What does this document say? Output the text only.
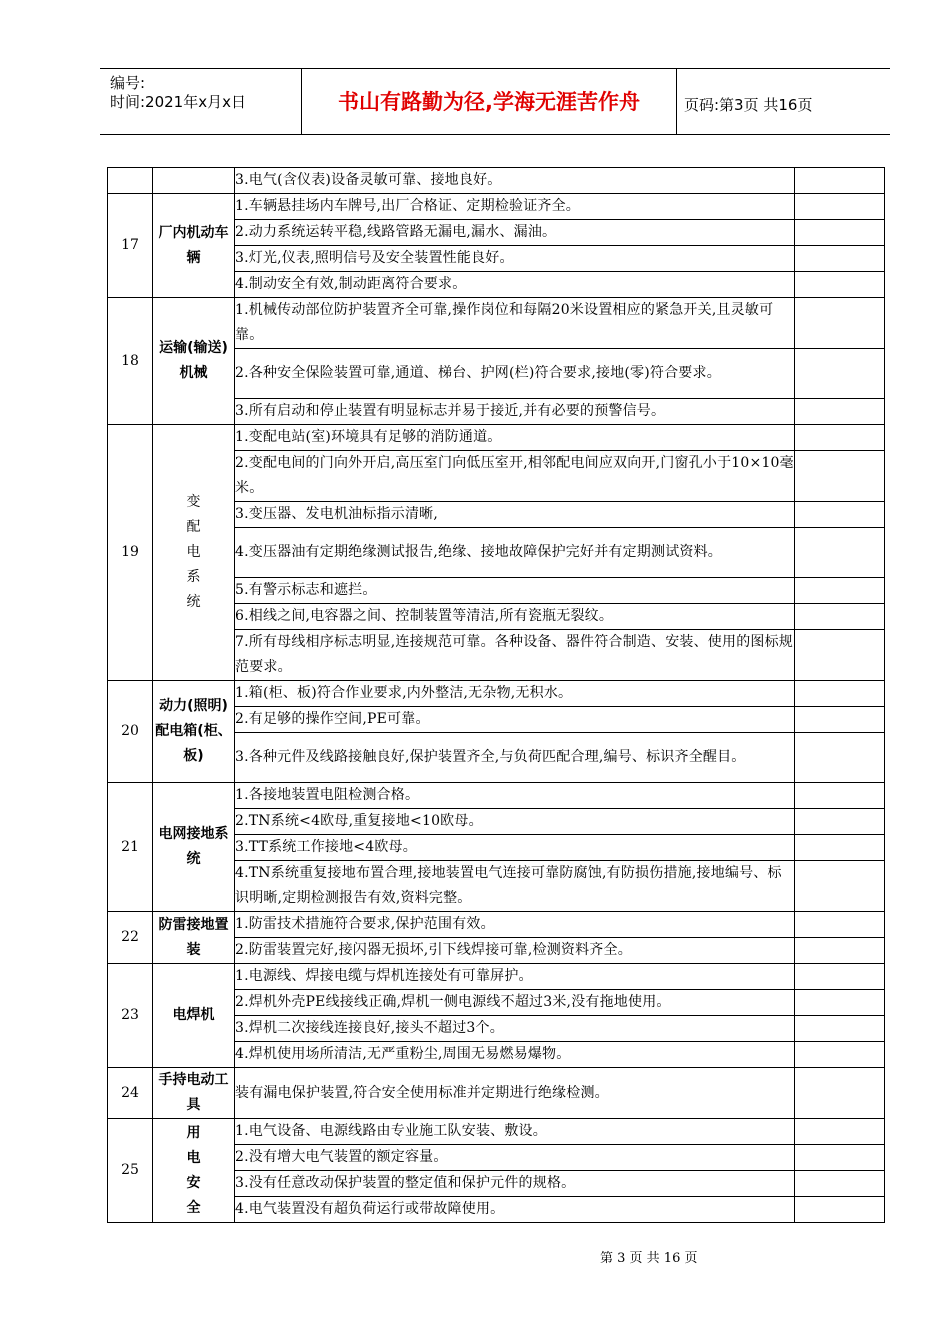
编号:
时间:2021年x月x日	书山有路勤为径,学海无涯苦作舟	页码:第3页 共16页
		3.电气(含仪表)设备灵敏可靠、接地良好。	
17	厂内机动车辆	1.车辆悬挂场内车牌号,出厂合格证、定期检验证齐全。	
		2.动力系统运转平稳,线路管路无漏电,漏水、漏油。	
		3.灯光,仪表,照明信号及安全装置性能良好。	
		4.制动安全有效,制动距离符合要求。	
18	运输(输送)机械	1.机械传动部位防护装置齐全可靠,操作岗位和每隔20米设置相应的紧急开关,且灵敏可靠。	
		2.各种安全保险装置可靠,通道、梯台、护网(栏)符合要求,接地(零)符合要求。	
		3.所有启动和停止装置有明显标志并易于接近,并有必要的预警信号。	
19	变配电系统	1.变配电站(室)环境具有足够的消防通道。	
		2.变配电间的门向外开启,高压室门向低压室开,相邻配电间应双向开,门窗孔小于10×10毫米。	
		3.变压器、发电机油标指示清晰,	
		4.变压器油有定期绝缘测试报告,绝缘、接地故障保护完好并有定期测试资料。	
		5.有警示标志和遮拦。	
		6.相线之间,电容器之间、控制装置等清洁,所有瓷瓶无裂纹。	
		7.所有母线相序标志明显,连接规范可靠。各种设备、器件符合制造、安装、使用的图标规范要求。	
20	动力(照明)配电箱(柜、板)	1.箱(柜、板)符合作业要求,内外整洁,无杂物,无积水。	
		2.有足够的操作空间,PE可靠。	
		3.各种元件及线路接触良好,保护装置齐全,与负荷匹配合理,编号、标识齐全醒目。	
21	电网接地系统	1.各接地装置电阻检测合格。	
		2.TN系统<4欧母,重复接地<10欧母。	
		3.TT系统工作接地<4欧母。	
		4.TN系统重复接地布置合理,接地装置电气连接可靠防腐蚀,有防损伤措施,接地编号、标识明晰,定期检测报告有效,资料完整。	
22	防雷接地置装	1.防雷技术措施符合要求,保护范围有效。	
		2.防雷装置完好,接闪器无损坏,引下线焊接可靠,检测资料齐全。	
23	电焊机	1.电源线、焊接电缆与焊机连接处有可靠屏护。	
		2.焊机外壳PE线接线正确,焊机一侧电源线不超过3米,没有拖地使用。	
		3.焊机二次接线连接良好,接头不超过3个。	
		4.焊机使用场所清洁,无严重粉尘,周围无易燃易爆物。	
24	手持电动工具	装有漏电保护装置,符合安全使用标准并定期进行绝缘检测。	
25	用电安全	1.电气设备、电源线路由专业施工队安装、敷设。	
		2.没有增大电气装置的额定容量。	
		3.没有任意改动保护装置的整定值和保护元件的规格。	
		4.电气装置没有超负荷运行或带故障使用。	
第 3 页 共 16 页
